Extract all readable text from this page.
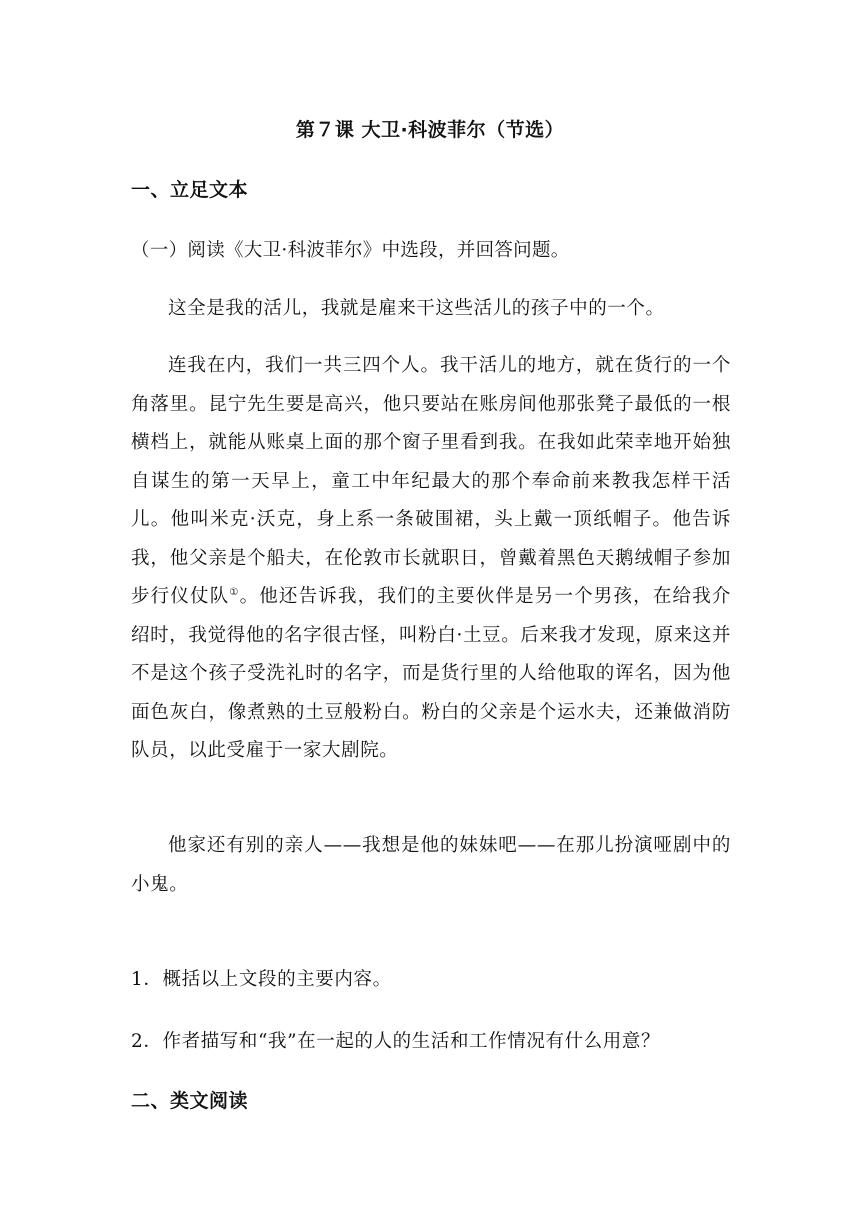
第７课 大卫·科波菲尔（节选）
一、立足文本
（一）阅读《大卫·科波菲尔》中选段，并回答问题。

这全是我的活儿，我就是雇来干这些活儿的孩子中的一个。

连我在内，我们一共三四个人。我干活儿的地方，就在货行的一个角落里。昆宁先生要是高兴，他只要站在账房间他那张凳子最低的一根横档上，就能从账桌上面的那个窗子里看到我。在我如此荣幸地开始独自谋生的第一天早上，童工中年纪最大的那个奉命前来教我怎样干活儿。他叫米克·沃克，身上系一条破围裙，头上戴一顶纸帽子。他告诉我，他父亲是个船夫，在伦敦市长就职日，曾戴着黑色天鹅绒帽子参加步行仪仗队①。他还告诉我，我们的主要伙伴是另一个男孩，在给我介绍时，我觉得他的名字很古怪，叫粉白·土豆。后来我才发现，原来这并不是这个孩子受洗礼时的名字，而是货行里的人给他取的诨名，因为他面色灰白，像煮熟的土豆般粉白。粉白的父亲是个运水夫，还兼做消防队员，以此受雇于一家大剧院。

他家还有别的亲人——我想是他的妹妹吧——在那儿扮演哑剧中的小鬼。

1．概括以上文段的主要内容。
2．作者描写和“我”在一起的人的生活和工作情况有什么用意？
二、类文阅读
